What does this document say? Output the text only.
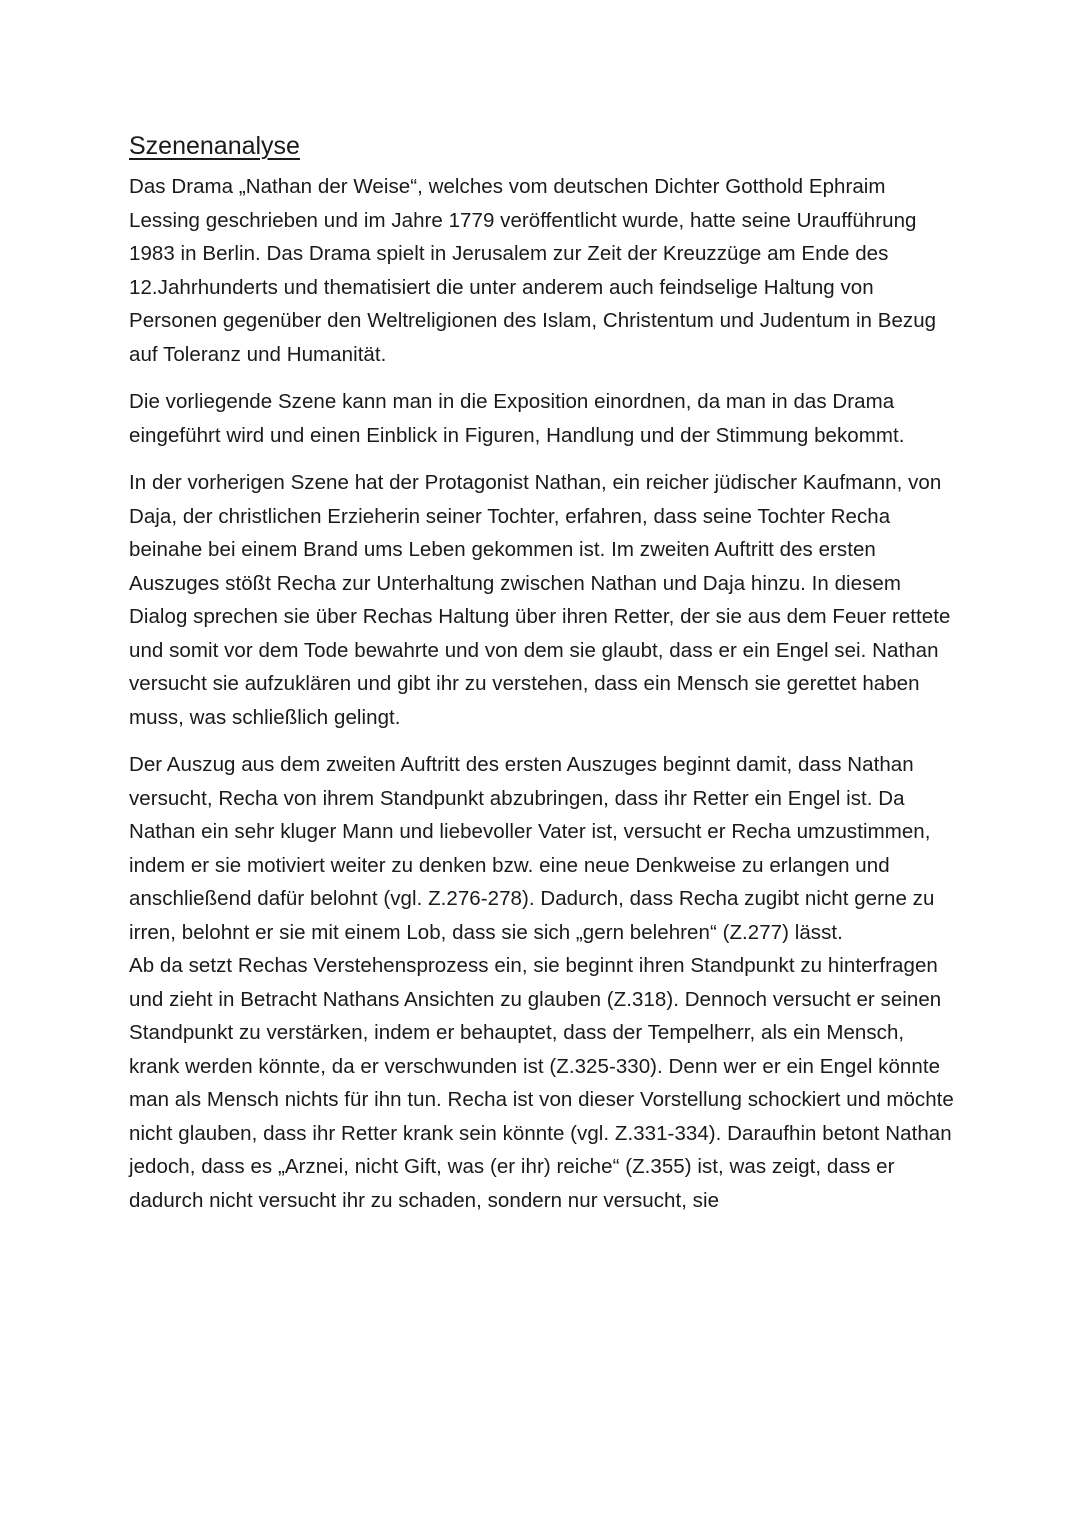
Szenenanalyse

Das Drama „Nathan der Weise“, welches vom deutschen Dichter Gotthold Ephraim Lessing geschrieben und im Jahre 1779 veröffentlicht wurde, hatte seine Uraufführung 1983 in Berlin. Das Drama spielt in Jerusalem zur Zeit der Kreuzzüge am Ende des 12.Jahrhunderts und thematisiert die unter anderem auch feindselige Haltung von Personen gegenüber den Weltreligionen des Islam, Christentum und Judentum in Bezug auf Toleranz und Humanität.

Die vorliegende Szene kann man in die Exposition einordnen, da man in das Drama eingeführt wird und einen Einblick in Figuren, Handlung und der Stimmung bekommt.

In der vorherigen Szene hat der Protagonist Nathan, ein reicher jüdischer Kaufmann, von Daja, der christlichen Erzieherin seiner Tochter, erfahren, dass seine Tochter Recha beinahe bei einem Brand ums Leben gekommen ist. Im zweiten Auftritt des ersten Auszuges stößt Recha zur Unterhaltung zwischen Nathan und Daja hinzu. In diesem Dialog sprechen sie über Rechas Haltung über ihren Retter, der sie aus dem Feuer rettete und somit vor dem Tode bewahrte und von dem sie glaubt, dass er ein Engel sei. Nathan versucht sie aufzuklären und gibt ihr zu verstehen, dass ein Mensch sie gerettet haben muss, was schließlich gelingt.

Der Auszug aus dem zweiten Auftritt des ersten Auszuges beginnt damit, dass Nathan versucht, Recha von ihrem Standpunkt abzubringen, dass ihr Retter ein Engel ist. Da Nathan ein sehr kluger Mann und liebevoller Vater ist, versucht er Recha umzustimmen, indem er sie motiviert weiter zu denken bzw. eine neue Denkweise zu erlangen und anschließend dafür belohnt (vgl. Z.276-278). Dadurch, dass Recha zugibt nicht gerne zu irren, belohnt er sie mit einem Lob, dass sie sich „gern belehren“ (Z.277) lässt.

Ab da setzt Rechas Verstehensprozess ein, sie beginnt ihren Standpunkt zu hinterfragen und zieht in Betracht Nathans Ansichten zu glauben (Z.318). Dennoch versucht er seinen Standpunkt zu verstärken, indem er behauptet, dass der Tempelherr, als ein Mensch, krank werden könnte, da er verschwunden ist (Z.325-330). Denn wer er ein Engel könnte man als Mensch nichts für ihn tun. Recha ist von dieser Vorstellung schockiert und möchte nicht glauben, dass ihr Retter krank sein könnte (vgl. Z.331-334). Daraufhin betont Nathan jedoch, dass es „Arznei, nicht Gift, was (er ihr) reiche“ (Z.355) ist, was zeigt, dass er dadurch nicht versucht ihr zu schaden, sondern nur versucht, sie
